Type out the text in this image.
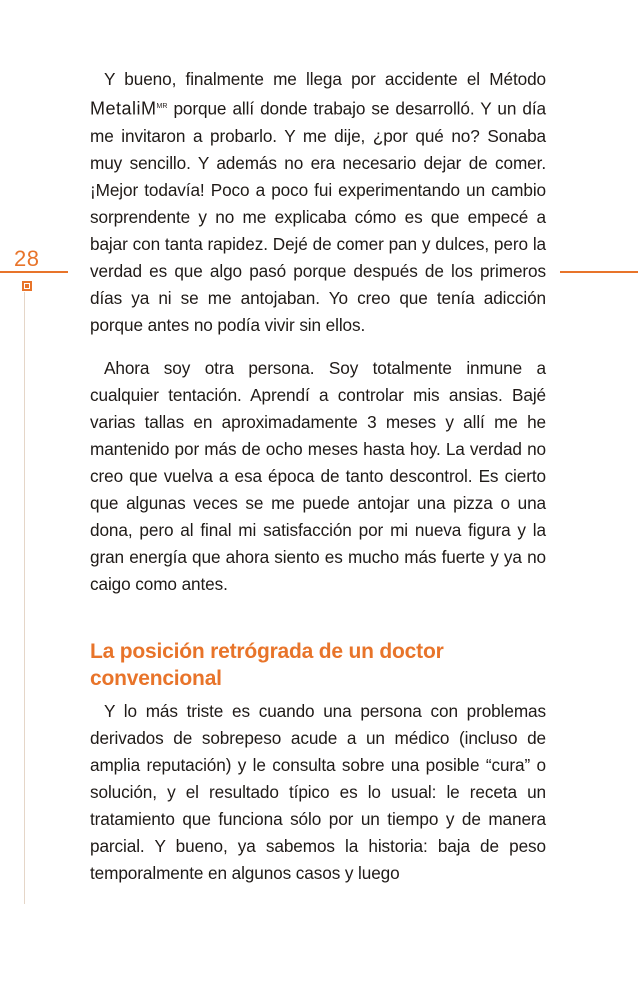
28

Y bueno, finalmente me llega por accidente el Método MetaliM$^{MR}$ porque allí donde trabajo se desarrolló. Y un día me invitaron a probarlo. Y me dije, ¿por qué no? Sonaba muy sencillo. Y además no era necesario dejar de comer. ¡Mejor todavía! Poco a poco fui experimentando un cambio sorprendente y no me explicaba cómo es que empecé a bajar con tanta rapidez. Dejé de comer pan y dulces, pero la verdad es que algo pasó porque después de los primeros días ya ni se me antojaban. Yo creo que tenía adicción porque antes no podía vivir sin ellos.

Ahora soy otra persona. Soy totalmente inmune a cualquier tentación. Aprendí a controlar mis ansias. Bajé varias tallas en aproximadamente 3 meses y allí me he mantenido por más de ocho meses hasta hoy. La verdad no creo que vuelva a esa época de tanto descontrol. Es cierto que algunas veces se me puede antojar una pizza o una dona, pero al final mi satisfacción por mi nueva figura y la gran energía que ahora siento es mucho más fuerte y ya no caigo como antes.

La posición retrógrada de un doctor
convencional

Y lo más triste es cuando una persona con problemas derivados de sobrepeso acude a un médico (incluso de amplia reputación) y le consulta sobre una posible “cura” o solución, y el resultado típico es lo usual: le receta un tratamiento que funciona sólo por un tiempo y de manera parcial. Y bueno, ya sabemos la historia: baja de peso temporalmente en algunos casos y luego
